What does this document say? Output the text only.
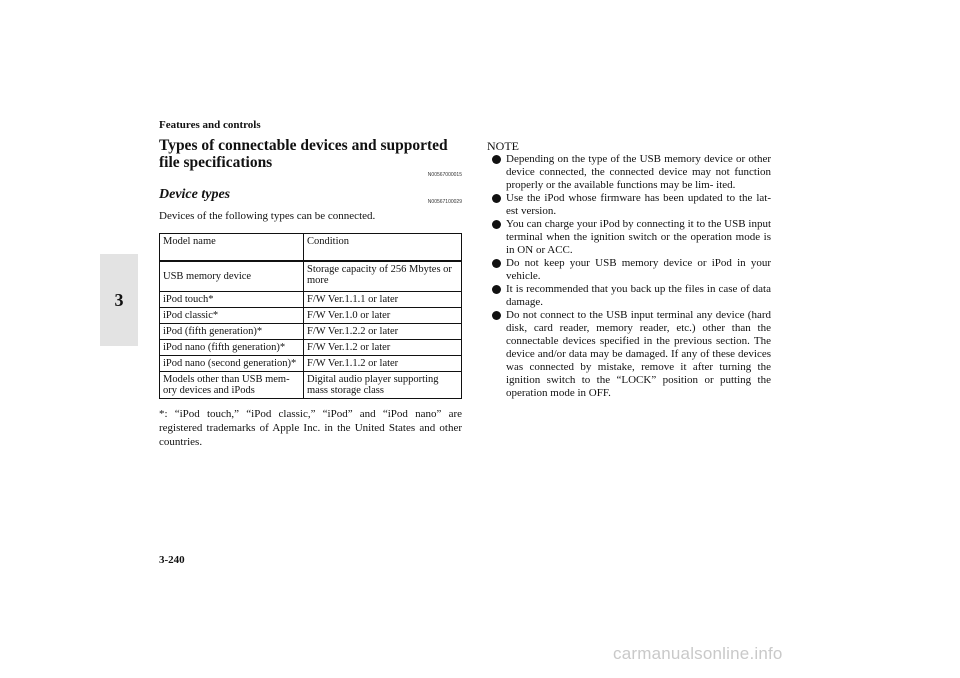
Features and controls
3
Types of connectable devices and supported file specifications
N00567000015
Device types	N00567100029

Devices of the following types can be connected.

Model name	Condition
USB memory device	Storage capacity of 256 Mbytes or more
iPod touch*	F/W Ver.1.1.1 or later
iPod classic*	F/W Ver.1.0 or later
iPod (fifth generation)*	F/W Ver.1.2.2 or later
iPod nano (fifth generation)*	F/W Ver.1.2 or later
iPod nano (second generation)*	F/W Ver.1.1.2 or later
Models other than USB mem- ory devices and iPods	Digital audio player supporting mass storage class

*: “iPod touch,” “iPod classic,” “iPod” and “iPod nano” are registered trademarks of Apple Inc. in the United States and other countries.

NOTE

Depending on the type of the USB memory device or other device connected, the connected device may not function properly or the available functions may be lim- ited.
Use the iPod whose firmware has been updated to the lat- est version.
You can charge your iPod by connecting it to the USB input terminal when the ignition switch or the operation mode is in ON or ACC.
Do not keep your USB memory device or iPod in your vehicle.
It is recommended that you back up the files in case of data damage.
Do not connect to the USB input terminal any device (hard disk, card reader, memory reader, etc.) other than the connectable devices specified in the previous section. The device and/or data may be damaged. If any of these devices was connected by mistake, remove it after turning the ignition switch to the “LOCK” position or putting the operation mode in OFF.
3-240
carmanualsonline.info
